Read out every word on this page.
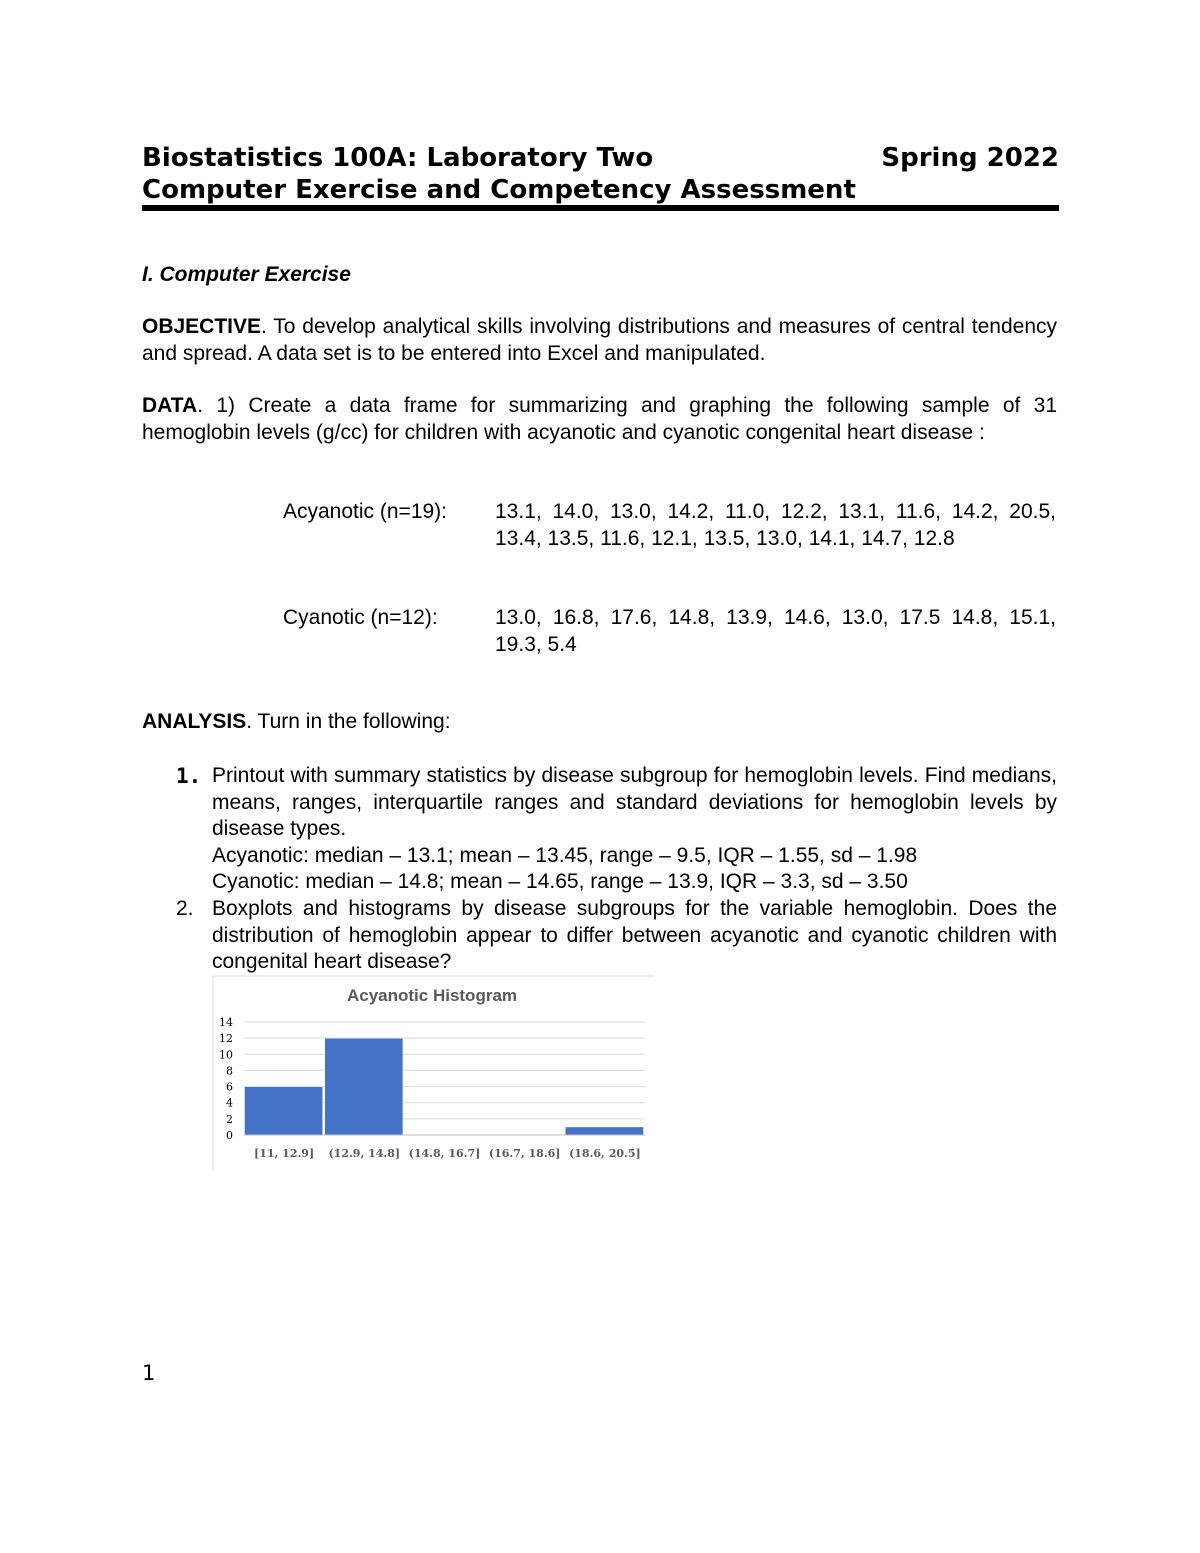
Biostatistics 100A: Laboratory Two	Spring 2022
Computer Exercise and Competency Assessment
I. Computer Exercise
OBJECTIVE. To develop analytical skills involving distributions and measures of central tendency and spread. A data set is to be entered into Excel and manipulated.
DATA. 1) Create a data frame for summarizing and graphing the following sample of 31 hemoglobin levels (g/cc) for children with acyanotic and cyanotic congenital heart disease :
Acyanotic (n=19): 13.1, 14.0, 13.0, 14.2, 11.0, 12.2, 13.1, 11.6, 14.2, 20.5, 13.4, 13.5, 11.6, 12.1, 13.5, 13.0, 14.1, 14.7, 12.8
Cyanotic (n=12):	13.0, 16.8, 17.6, 14.8, 13.9, 14.6, 13.0, 17.5 14.8, 15.1, 19.3, 5.4
ANALYSIS. Turn in the following:
1. Printout with summary statistics by disease subgroup for hemoglobin levels. Find medians, means, ranges, interquartile ranges and standard deviations for hemoglobin levels by disease types.
Acyanotic: median – 13.1; mean – 13.45, range – 9.5, IQR – 1.55, sd – 1.98
Cyanotic: median – 14.8; mean – 14.65, range – 13.9, IQR – 3.3, sd – 3.50
2. Boxplots and histograms by disease subgroups for the variable hemoglobin. Does the distribution of hemoglobin appear to differ between acyanotic and cyanotic children with congenital heart disease?
Acyanotic Histogram
0
2
4
6
8
10
12
14
[11, 12.9] (12.9, 14.8] (14.8, 16.7] (16.7, 18.6] (18.6, 20.5]
1
